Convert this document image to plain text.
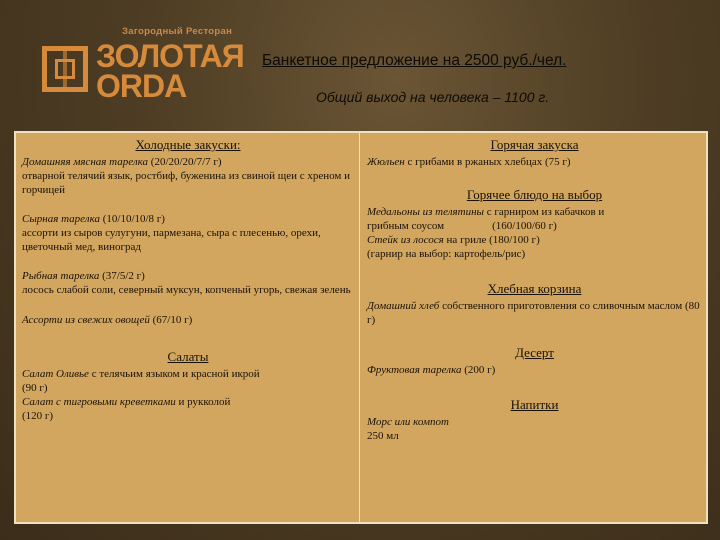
Загородный Ресторан
ЗОЛОТАЯ
ORDA
Банкетное предложение на 2500 руб./чел.
Общий выход на человека – 1100 г.
Холодные закуски:
Домашняя мясная тарелка (20/20/20/7/7 г)
отварной телячий язык, ростбиф, буженина из свиной щеи с хреном и горчицей
Сырная тарелка (10/10/10/8 г)
ассорти из сыров сулугуни, пармезана, сыра с плесенью, орехи, цветочный мед, виноград
Рыбная тарелка (37/5/2 г)
лосось слабой соли, северный муксун, копченый угорь, свежая зелень
Ассорти из свежих овощей (67/10 г)
Салаты
Салат Оливье с телячьим языком и красной икрой
(90 г)
Салат с тигровыми креветками и рукколой
(120 г)
Горячая закуска
Жюльен с грибами в ржаных хлебцах (75 г)
Горячее блюдо на выбор
Медальоны из телятины с гарниром из кабачков и
грибным соусом	(160/100/60 г)
Стейк из лосося на гриле (180/100 г)
(гарнир на выбор: картофель/рис)
Хлебная корзина
Домашний хлеб собственного приготовления со сливочным маслом (80 г)
Десерт
Фруктовая тарелка (200 г)
Напитки
Морс или компот
250 мл
